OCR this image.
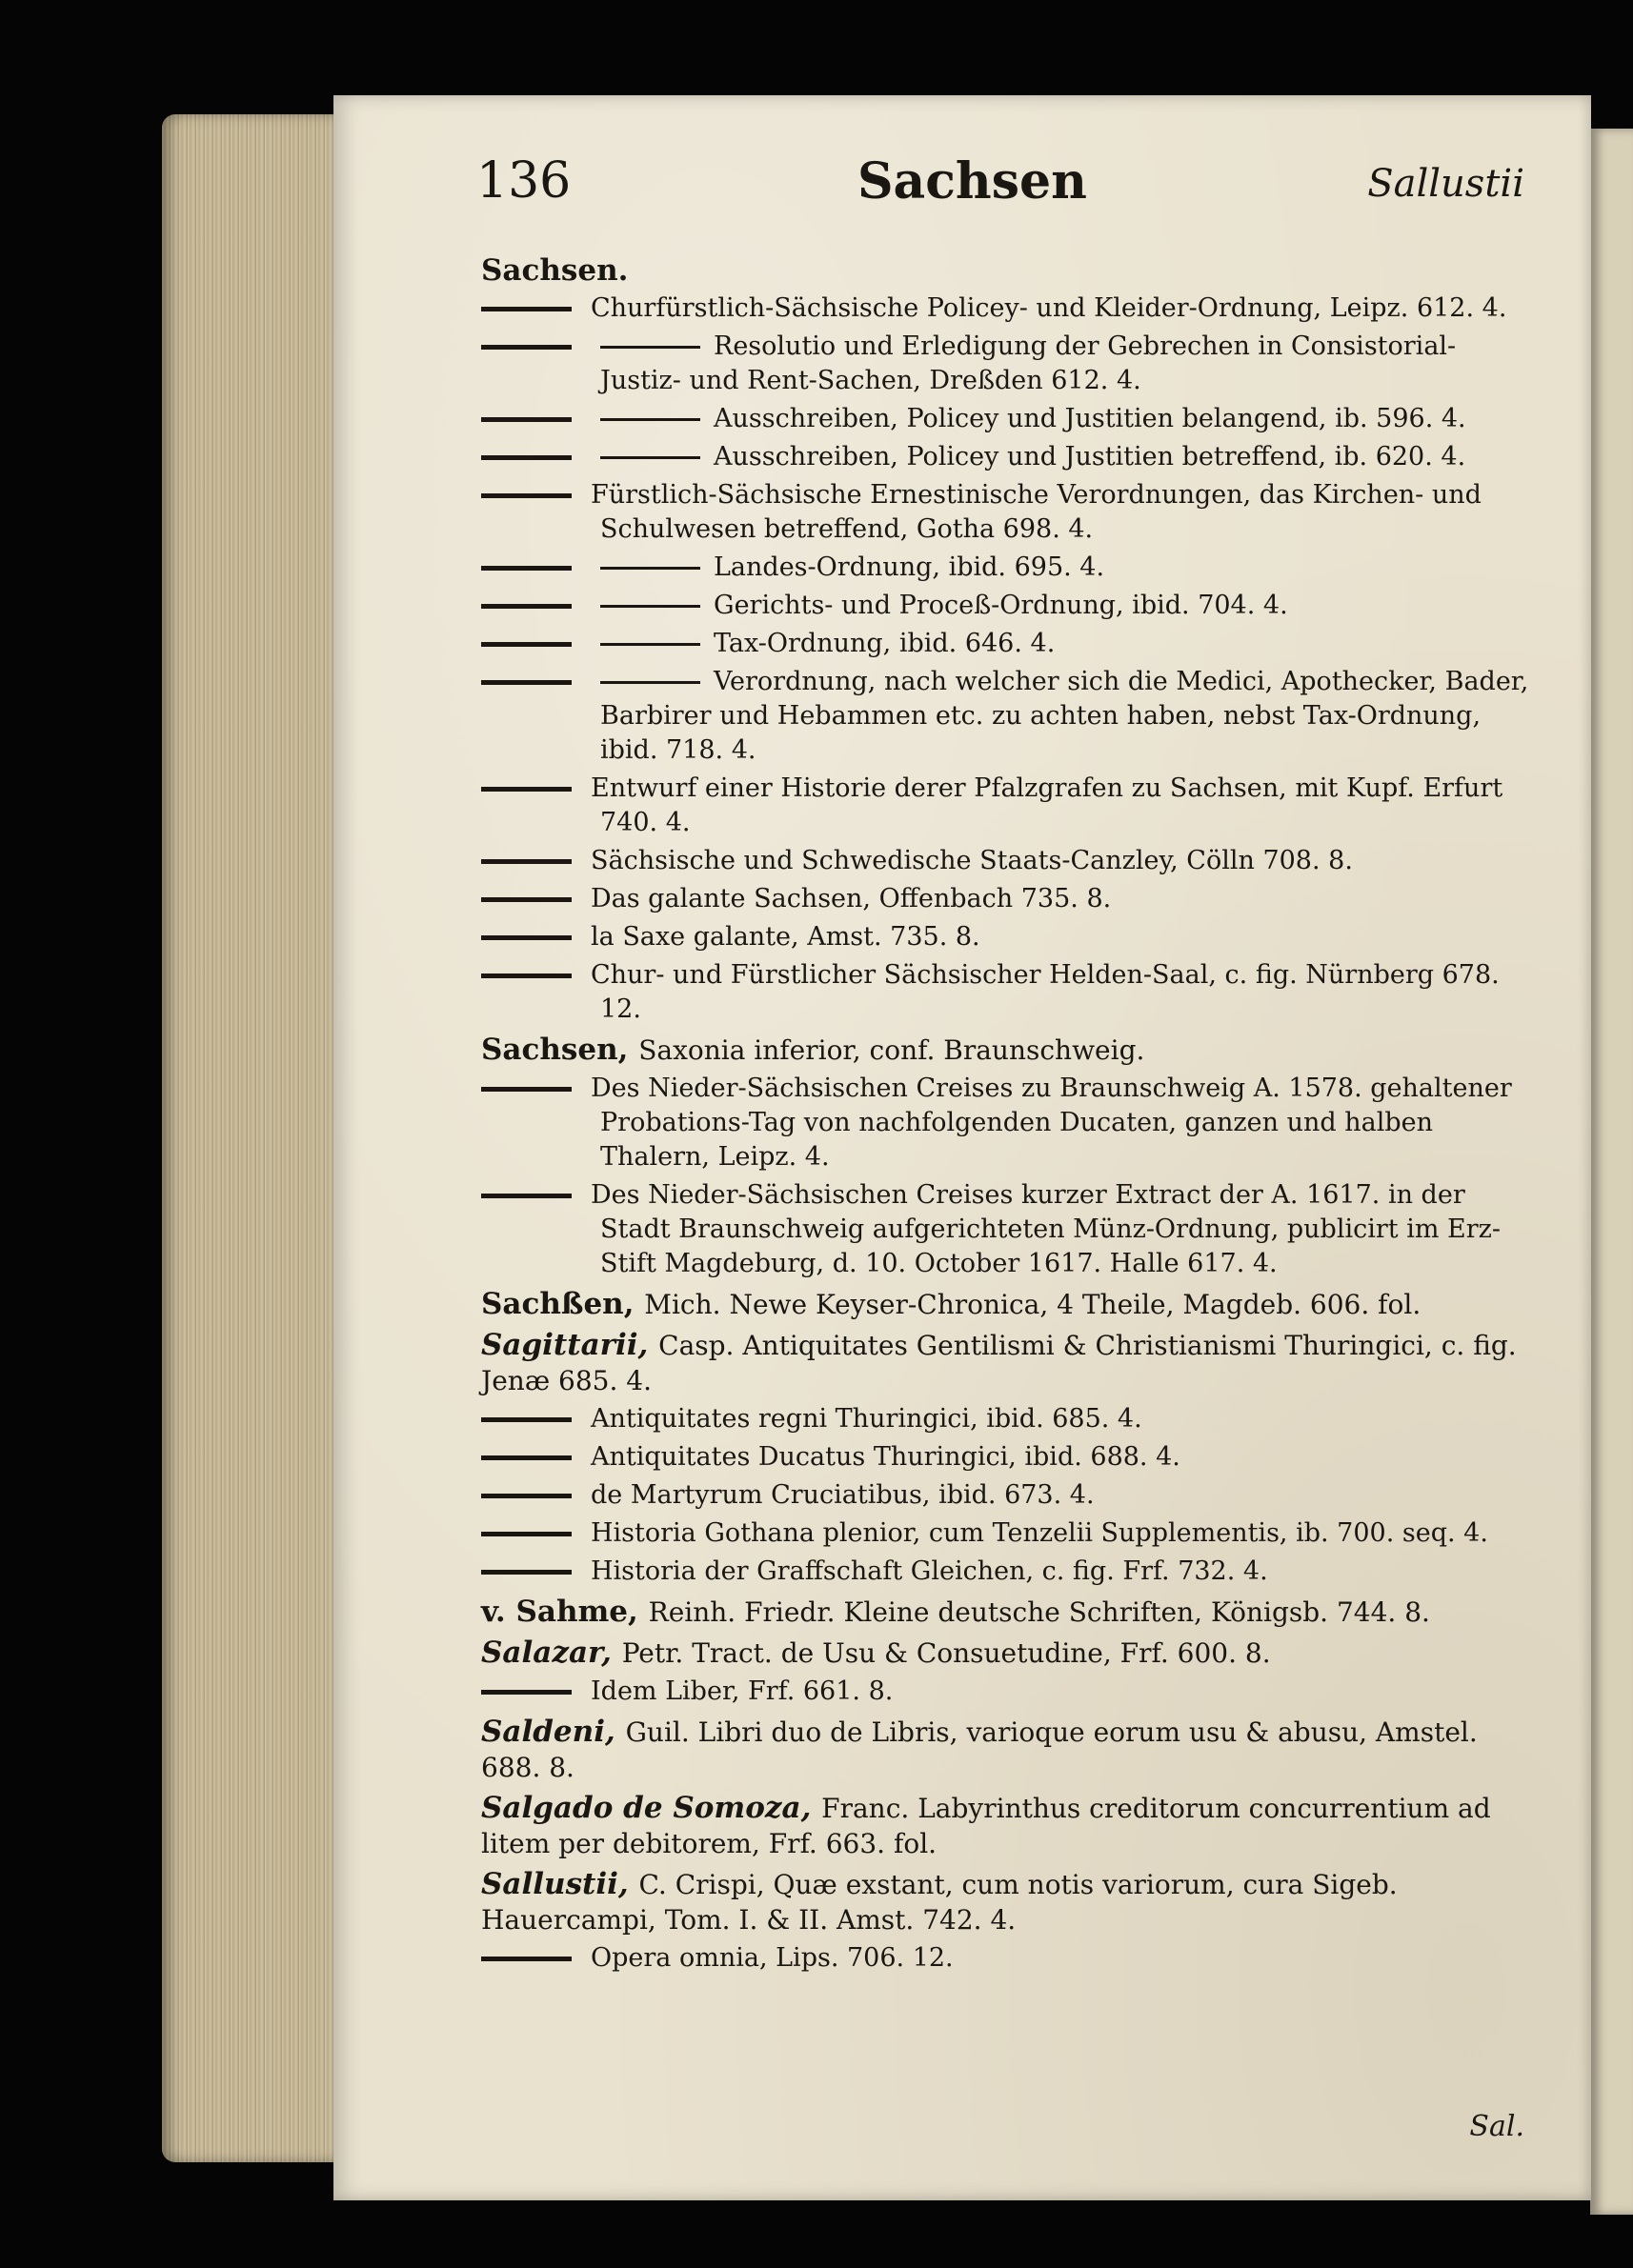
136	Sachsen	Sallustii
Sachsen.
Churfürstlich-Sächsische Policey- und Kleider-Ordnung, Leipz. 612. 4.
Resolutio und Erledigung der Gebrechen in Consistorial- Justiz- und Rent-Sachen, Dreßden 612. 4.
Ausschreiben, Policey und Justitien belangend, ib. 596. 4.
Ausschreiben, Policey und Justitien betreffend, ib. 620. 4.
Fürstlich-Sächsische Ernestinische Verordnungen, das Kirchen- und Schulwesen betreffend, Gotha 698. 4.
Landes-Ordnung, ibid. 695. 4.
Gerichts- und Proceß-Ordnung, ibid. 704. 4.
Tax-Ordnung, ibid. 646. 4.
Verordnung, nach welcher sich die Medici, Apothecker, Bader, Barbirer und Hebammen etc. zu achten haben, nebst Tax-Ordnung, ibid. 718. 4.
Entwurf einer Historie derer Pfalzgrafen zu Sachsen, mit Kupf. Erfurt 740. 4.
Sächsische und Schwedische Staats-Canzley, Cölln 708. 8.
Das galante Sachsen, Offenbach 735. 8.
la Saxe galante, Amst. 735. 8.
Chur- und Fürstlicher Sächsischer Helden-Saal, c. fig. Nürnberg 678. 12.
Sachsen, Saxonia inferior, conf. Braunschweig.
Des Nieder-Sächsischen Creises zu Braunschweig A. 1578. gehaltener Probations-Tag von nachfolgenden Ducaten, ganzen und halben Thalern, Leipz. 4.
Des Nieder-Sächsischen Creises kurzer Extract der A. 1617. in der Stadt Braunschweig aufgerichteten Münz-Ordnung, publicirt im Erz-Stift Magdeburg, d. 10. October 1617. Halle 617. 4.
Sachßen, Mich. Newe Keyser-Chronica, 4 Theile, Magdeb. 606. fol.
Sagittarii, Casp. Antiquitates Gentilismi & Christianismi Thuringici, c. fig. Jenæ 685. 4.
Antiquitates regni Thuringici, ibid. 685. 4.
Antiquitates Ducatus Thuringici, ibid. 688. 4.
de Martyrum Cruciatibus, ibid. 673. 4.
Historia Gothana plenior, cum Tenzelii Supplementis, ib. 700. seq. 4.
Historia der Graffschaft Gleichen, c. fig. Frf. 732. 4.
v. Sahme, Reinh. Friedr. Kleine deutsche Schriften, Königsb. 744. 8.
Salazar, Petr. Tract. de Usu & Consuetudine, Frf. 600. 8.
Idem Liber, Frf. 661. 8.
Saldeni, Guil. Libri duo de Libris, varioque eorum usu & abusu, Amstel. 688. 8.
Salgado de Somoza, Franc. Labyrinthus creditorum concurrentium ad litem per debitorem, Frf. 663. fol.
Sallustii, C. Crispi, Quæ exstant, cum notis variorum, cura Sigeb. Hauercampi, Tom. I. & II. Amst. 742. 4.
Opera omnia, Lips. 706. 12.
Sal.
